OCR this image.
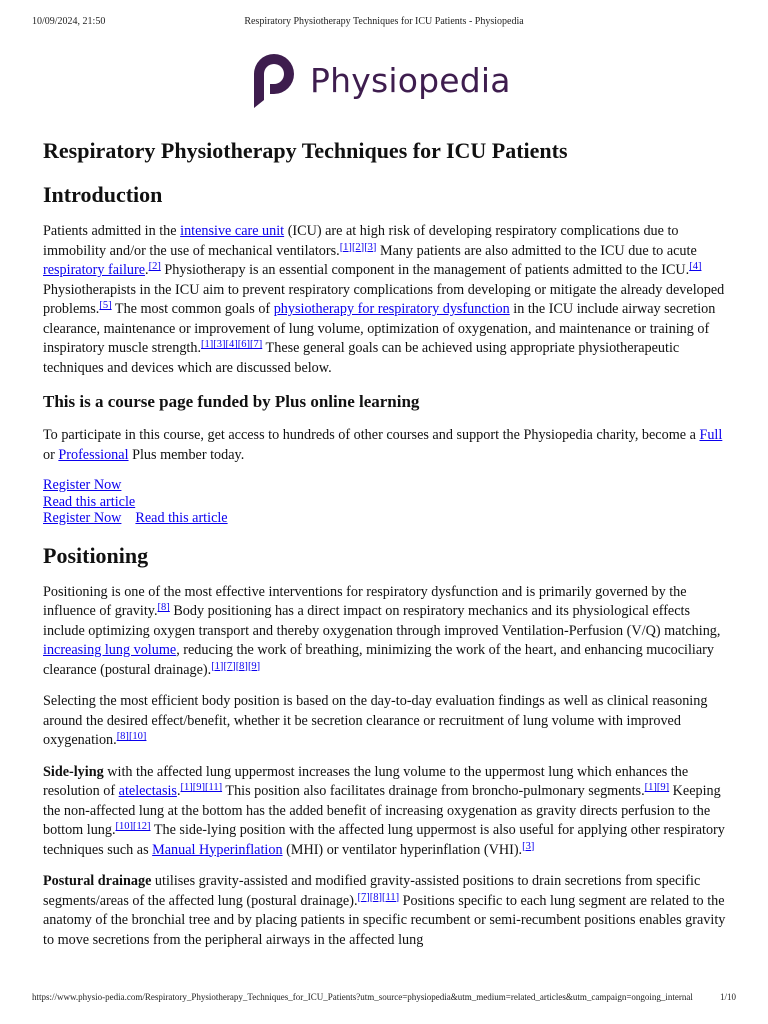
10/09/2024, 21:50	Respiratory Physiotherapy Techniques for ICU Patients - Physiopedia
Physiopedia
Respiratory Physiotherapy Techniques for ICU Patients
Introduction

Patients admitted in the intensive care unit (ICU) are at high risk of developing respiratory complications due to immobility and/or the use of mechanical ventilators.[1][2][3] Many patients are also admitted to the ICU due to acute respiratory failure.[2] Physiotherapy is an essential component in the management of patients admitted to the ICU.[4] Physiotherapists in the ICU aim to prevent respiratory complications from developing or mitigate the already developed problems.[5] The most common goals of physiotherapy for respiratory dysfunction in the ICU include airway secretion clearance, maintenance or improvement of lung volume, optimization of oxygenation, and maintenance or training of inspiratory muscle strength.[1][3][4][6][7] These general goals can be achieved using appropriate physiotherapeutic techniques and devices which are discussed below.

This is a course page funded by Plus online learning

To participate in this course, get access to hundreds of other courses and support the Physiopedia charity, become a Full or Professional Plus member today.

Register Now
Read this article
Register Now Read this article
Positioning

Positioning is one of the most effective interventions for respiratory dysfunction and is primarily governed by the influence of gravity.[8] Body positioning has a direct impact on respiratory mechanics and its physiological effects include optimizing oxygen transport and thereby oxygenation through improved Ventilation-Perfusion (V/Q) matching, increasing lung volume, reducing the work of breathing, minimizing the work of the heart, and enhancing mucociliary clearance (postural drainage).[1][7][8][9]

Selecting the most efficient body position is based on the day-to-day evaluation findings as well as clinical reasoning around the desired effect/benefit, whether it be secretion clearance or recruitment of lung volume with improved oxygenation.[8][10]

Side-lying with the affected lung uppermost increases the lung volume to the uppermost lung which enhances the resolution of atelectasis.[1][9][11] This position also facilitates drainage from broncho-pulmonary segments.[1][9] Keeping the non-affected lung at the bottom has the added benefit of increasing oxygenation as gravity directs perfusion to the bottom lung.[10][12] The side-lying position with the affected lung uppermost is also useful for applying other respiratory techniques such as Manual Hyperinflation (MHI) or ventilator hyperinflation (VHI).[3]

Postural drainage utilises gravity-assisted and modified gravity-assisted positions to drain secretions from specific segments/areas of the affected lung (postural drainage).[7][8][11] Positions specific to each lung segment are related to the anatomy of the bronchial tree and by placing patients in specific recumbent or semi-recumbent positions enables gravity to move secretions from the peripheral airways in the affected lung

https://www.physio-pedia.com/Respiratory_Physiotherapy_Techniques_for_ICU_Patients?utm_source=physiopedia&utm_medium=related_articles&utm_campaign=ongoing_internal	1/10
